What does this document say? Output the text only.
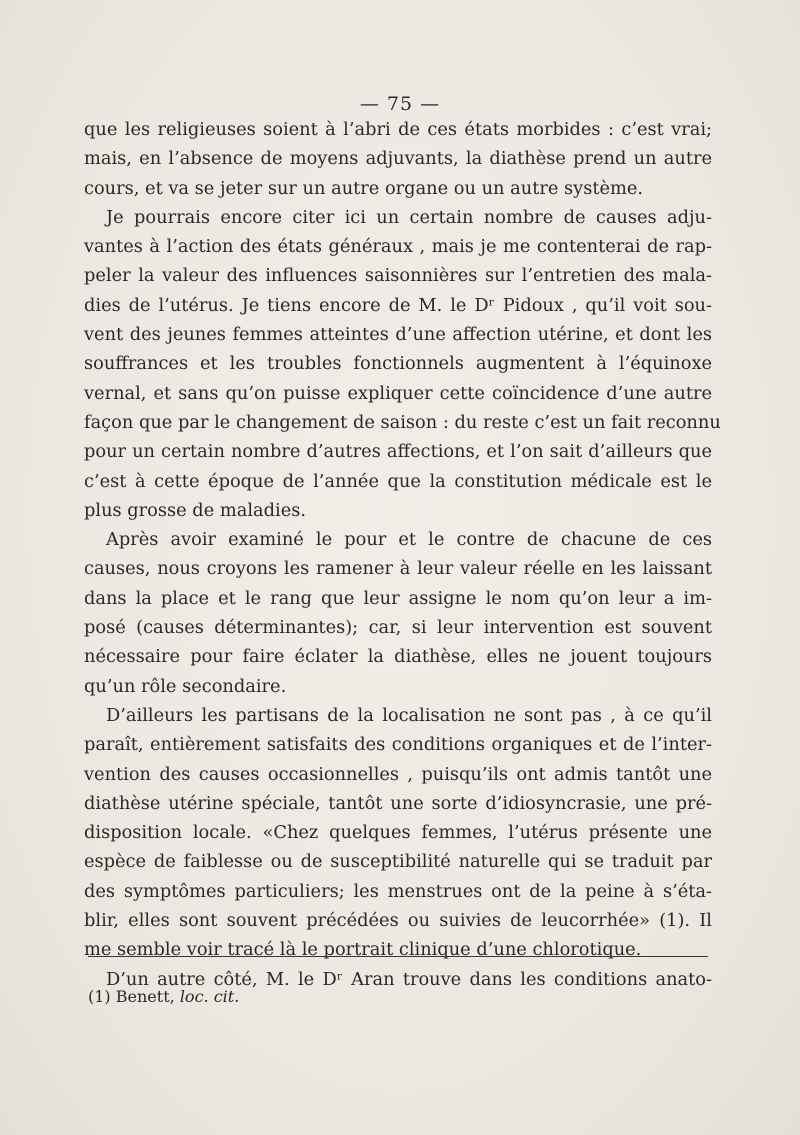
— 75 —
que les religieuses soient à l’abri de ces états morbides : c’est vrai;
mais, en l’absence de moyens adjuvants, la diathèse prend un autre
cours, et va se jeter sur un autre organe ou un autre système.
Je pourrais encore citer ici un certain nombre de causes adju-
vantes à l’action des états généraux , mais je me contenterai de rap-
peler la valeur des influences saisonnières sur l’entretien des mala-
dies de l’utérus. Je tiens encore de M. le Dʳ Pidoux , qu’il voit sou-
vent des jeunes femmes atteintes d’une affection utérine, et dont les
souffrances et les troubles fonctionnels augmentent à l’équinoxe
vernal, et sans qu’on puisse expliquer cette coïncidence d’une autre
façon que par le changement de saison : du reste c’est un fait reconnu
pour un certain nombre d’autres affections, et l’on sait d’ailleurs que
c’est à cette époque de l’année que la constitution médicale est le
plus grosse de maladies.
Après avoir examiné le pour et le contre de chacune de ces
causes, nous croyons les ramener à leur valeur réelle en les laissant
dans la place et le rang que leur assigne le nom qu’on leur a im-
posé (causes déterminantes); car, si leur intervention est souvent
nécessaire pour faire éclater la diathèse, elles ne jouent toujours
qu’un rôle secondaire.
D’ailleurs les partisans de la localisation ne sont pas , à ce qu’il
paraît, entièrement satisfaits des conditions organiques et de l’inter-
vention des causes occasionnelles , puisqu’ils ont admis tantôt une
diathèse utérine spéciale, tantôt une sorte d’idiosyncrasie, une pré-
disposition locale. «Chez quelques femmes, l’utérus présente une
espèce de faiblesse ou de susceptibilité naturelle qui se traduit par
des symptômes particuliers; les menstrues ont de la peine à s’éta-
blir, elles sont souvent précédées ou suivies de leucorrhée» (1). Il
me semble voir tracé là le portrait clinique d’une chlorotique.
D’un autre côté, M. le Dʳ Aran trouve dans les conditions anato-
(1) Benett, loc. cit.
